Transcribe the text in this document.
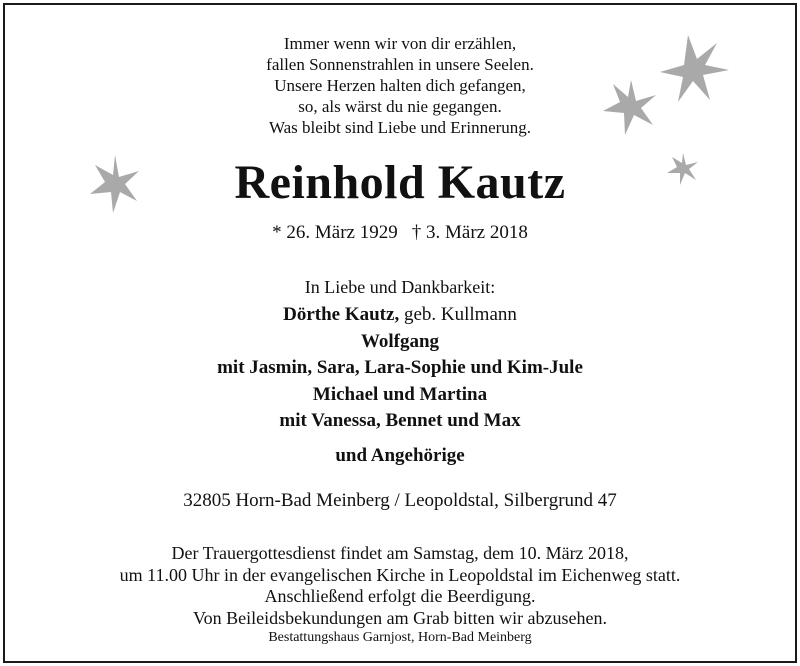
Immer wenn wir von dir erzählen,
fallen Sonnenstrahlen in unsere Seelen.
Unsere Herzen halten dich gefangen,
so, als wärst du nie gegangen.
Was bleibt sind Liebe und Erinnerung.
Reinhold Kautz
* 26. März 1929 † 3. März 2018
In Liebe und Dankbarkeit:
Dörthe Kautz, geb. Kullmann
Wolfgang
mit Jasmin, Sara, Lara-Sophie und Kim-Jule
Michael und Martina
mit Vanessa, Bennet und Max
und Angehörige
32805 Horn-Bad Meinberg / Leopoldstal, Silbergrund 47
Der Trauergottesdienst findet am Samstag, dem 10. März 2018,
um 11.00 Uhr in der evangelischen Kirche in Leopoldstal im Eichenweg statt.
Anschließend erfolgt die Beerdigung.
Von Beileidsbekundungen am Grab bitten wir abzusehen.
Bestattungshaus Garnjost, Horn-Bad Meinberg
